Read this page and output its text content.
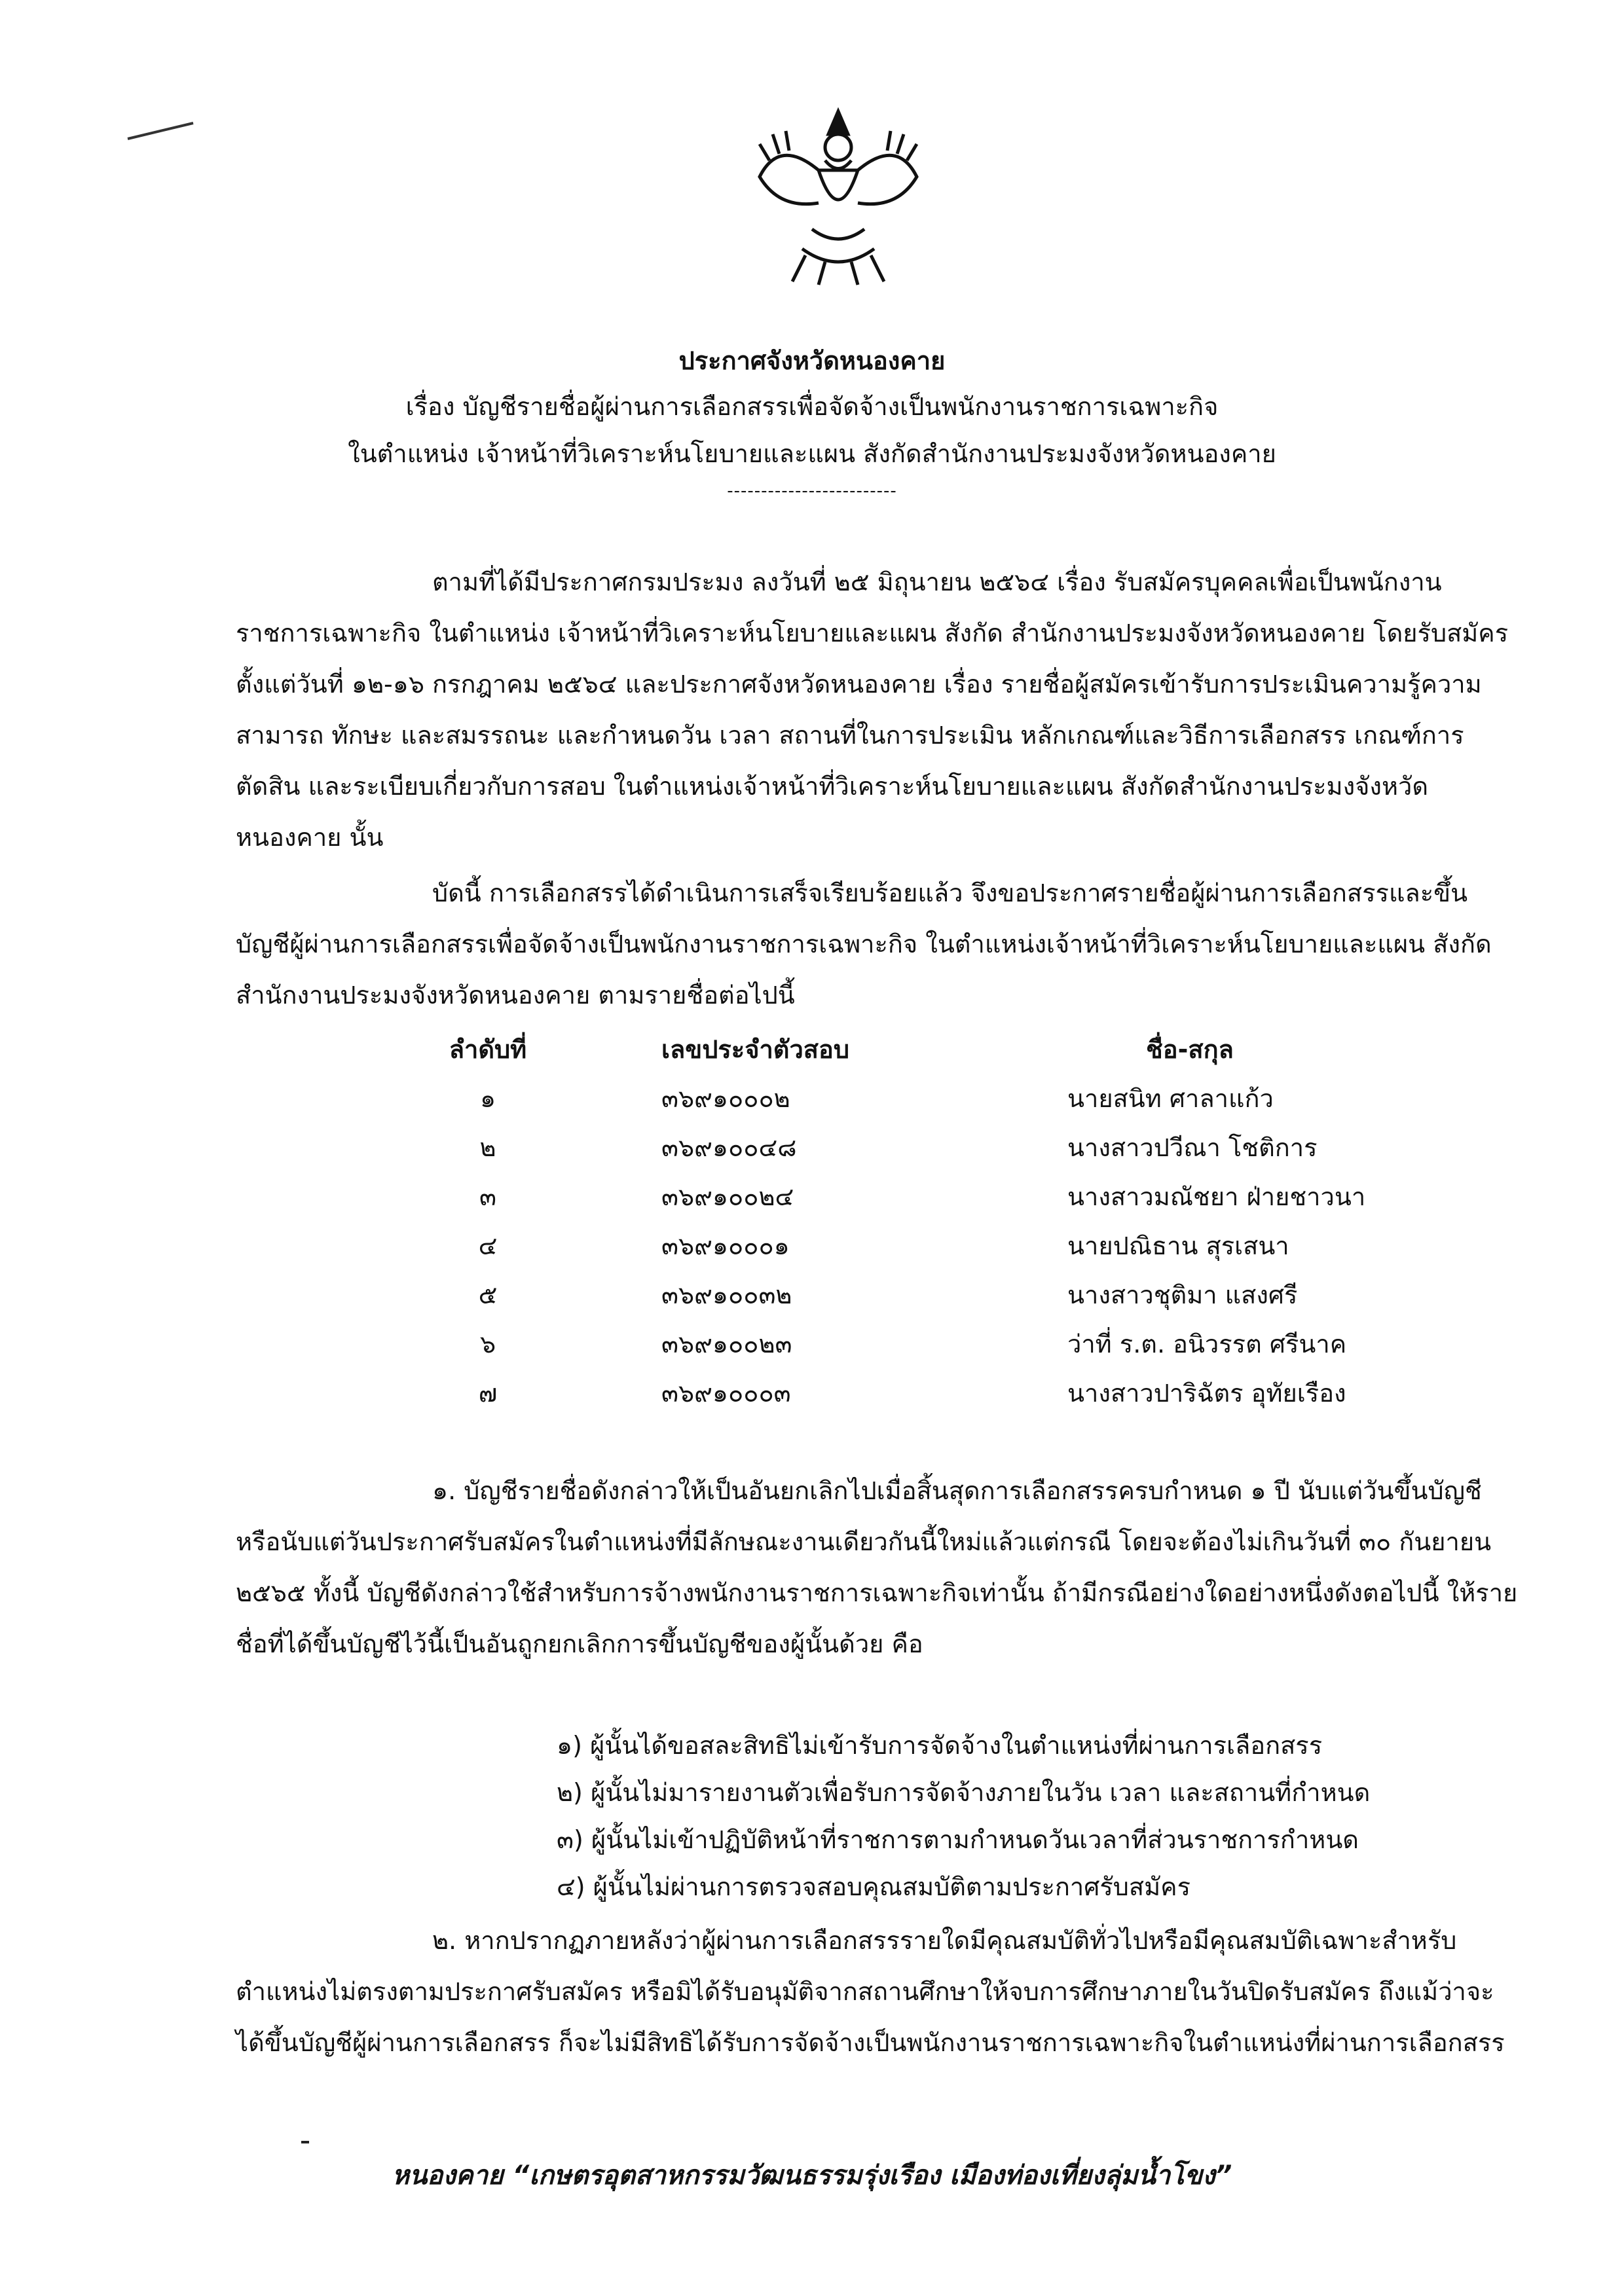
ประกาศจังหวัดหนองคาย
เรื่อง บัญชีรายชื่อผู้ผ่านการเลือกสรรเพื่อจัดจ้างเป็นพนักงานราชการเฉพาะกิจ
ในตำแหน่ง เจ้าหน้าที่วิเคราะห์นโยบายและแผน สังกัดสำนักงานประมงจังหวัดหนองคาย
-------------------------
ตามที่ได้มีประกาศกรมประมง ลงวันที่ ๒๕ มิถุนายน ๒๕๖๔ เรื่อง รับสมัครบุคคลเพื่อเป็นพนักงานราชการเฉพาะกิจ ในตำแหน่ง เจ้าหน้าที่วิเคราะห์นโยบายและแผน สังกัด สำนักงานประมงจังหวัดหนองคาย โดยรับสมัครตั้งแต่วันที่ ๑๒-๑๖ กรกฎาคม ๒๕๖๔ และประกาศจังหวัดหนองคาย เรื่อง รายชื่อผู้สมัครเข้ารับการประเมินความรู้ความสามารถ ทักษะ และสมรรถนะ และกำหนดวัน เวลา สถานที่ในการประเมิน หลักเกณฑ์และวิธีการเลือกสรร เกณฑ์การตัดสิน และระเบียบเกี่ยวกับการสอบ ในตำแหน่งเจ้าหน้าที่วิเคราะห์นโยบายและแผน สังกัดสำนักงานประมงจังหวัดหนองคาย นั้น
บัดนี้ การเลือกสรรได้ดำเนินการเสร็จเรียบร้อยแล้ว จึงขอประกาศรายชื่อผู้ผ่านการเลือกสรรและขึ้นบัญชีผู้ผ่านการเลือกสรรเพื่อจัดจ้างเป็นพนักงานราชการเฉพาะกิจ ในตำแหน่งเจ้าหน้าที่วิเคราะห์นโยบายและแผน สังกัดสำนักงานประมงจังหวัดหนองคาย ตามรายชื่อต่อไปนี้
ลำดับที่	เลขประจำตัวสอบ	ชื่อ-สกุล
๑	๓๖๙๑๐๐๐๒	นายสนิท ศาลาแก้ว
๒	๓๖๙๑๐๐๔๘	นางสาวปวีณา โชติการ
๓	๓๖๙๑๐๐๒๔	นางสาวมณัชยา ฝ่ายชาวนา
๔	๓๖๙๑๐๐๐๑	นายปณิธาน สุรเสนา
๕	๓๖๙๑๐๐๓๒	นางสาวชุติมา แสงศรี
๖	๓๖๙๑๐๐๒๓	ว่าที่ ร.ต. อนิวรรต ศรีนาค
๗	๓๖๙๑๐๐๐๓	นางสาวปาริฉัตร อุทัยเรือง
๑. บัญชีรายชื่อดังกล่าวให้เป็นอันยกเลิกไปเมื่อสิ้นสุดการเลือกสรรครบกำหนด ๑ ปี นับแต่วันขึ้นบัญชี หรือนับแต่วันประกาศรับสมัครในตำแหน่งที่มีลักษณะงานเดียวกันนี้ใหม่แล้วแต่กรณี โดยจะต้องไม่เกินวันที่ ๓๐ กันยายน ๒๕๖๕ ทั้งนี้ บัญชีดังกล่าวใช้สำหรับการจ้างพนักงานราชการเฉพาะกิจเท่านั้น ถ้ามีกรณีอย่างใดอย่างหนึ่งดังตอไปนี้ ให้รายชื่อที่ได้ขึ้นบัญชีไว้นี้เป็นอันถูกยกเลิกการขึ้นบัญชีของผู้นั้นด้วย คือ
๑) ผู้นั้นได้ขอสละสิทธิไม่เข้ารับการจัดจ้างในตำแหน่งที่ผ่านการเลือกสรร
๒) ผู้นั้นไม่มารายงานตัวเพื่อรับการจัดจ้างภายในวัน เวลา และสถานที่กำหนด
๓) ผู้นั้นไม่เข้าปฏิบัติหน้าที่ราชการตามกำหนดวันเวลาที่ส่วนราชการกำหนด
๔) ผู้นั้นไม่ผ่านการตรวจสอบคุณสมบัติตามประกาศรับสมัคร
๒. หากปรากฏภายหลังว่าผู้ผ่านการเลือกสรรรายใดมีคุณสมบัติทั่วไปหรือมีคุณสมบัติเฉพาะสำหรับตำแหน่งไม่ตรงตามประกาศรับสมัคร หรือมิได้รับอนุมัติจากสถานศึกษาให้จบการศึกษาภายในวันปิดรับสมัคร ถึงแม้ว่าจะได้ขึ้นบัญชีผู้ผ่านการเลือกสรร ก็จะไม่มีสิทธิได้รับการจัดจ้างเป็นพนักงานราชการเฉพาะกิจในตำแหน่งที่ผ่านการเลือกสรร
หนองคาย “เกษตรอุตสาหกรรมวัฒนธรรมรุ่งเรือง เมืองท่องเที่ยงลุ่มน้ำโขง”
